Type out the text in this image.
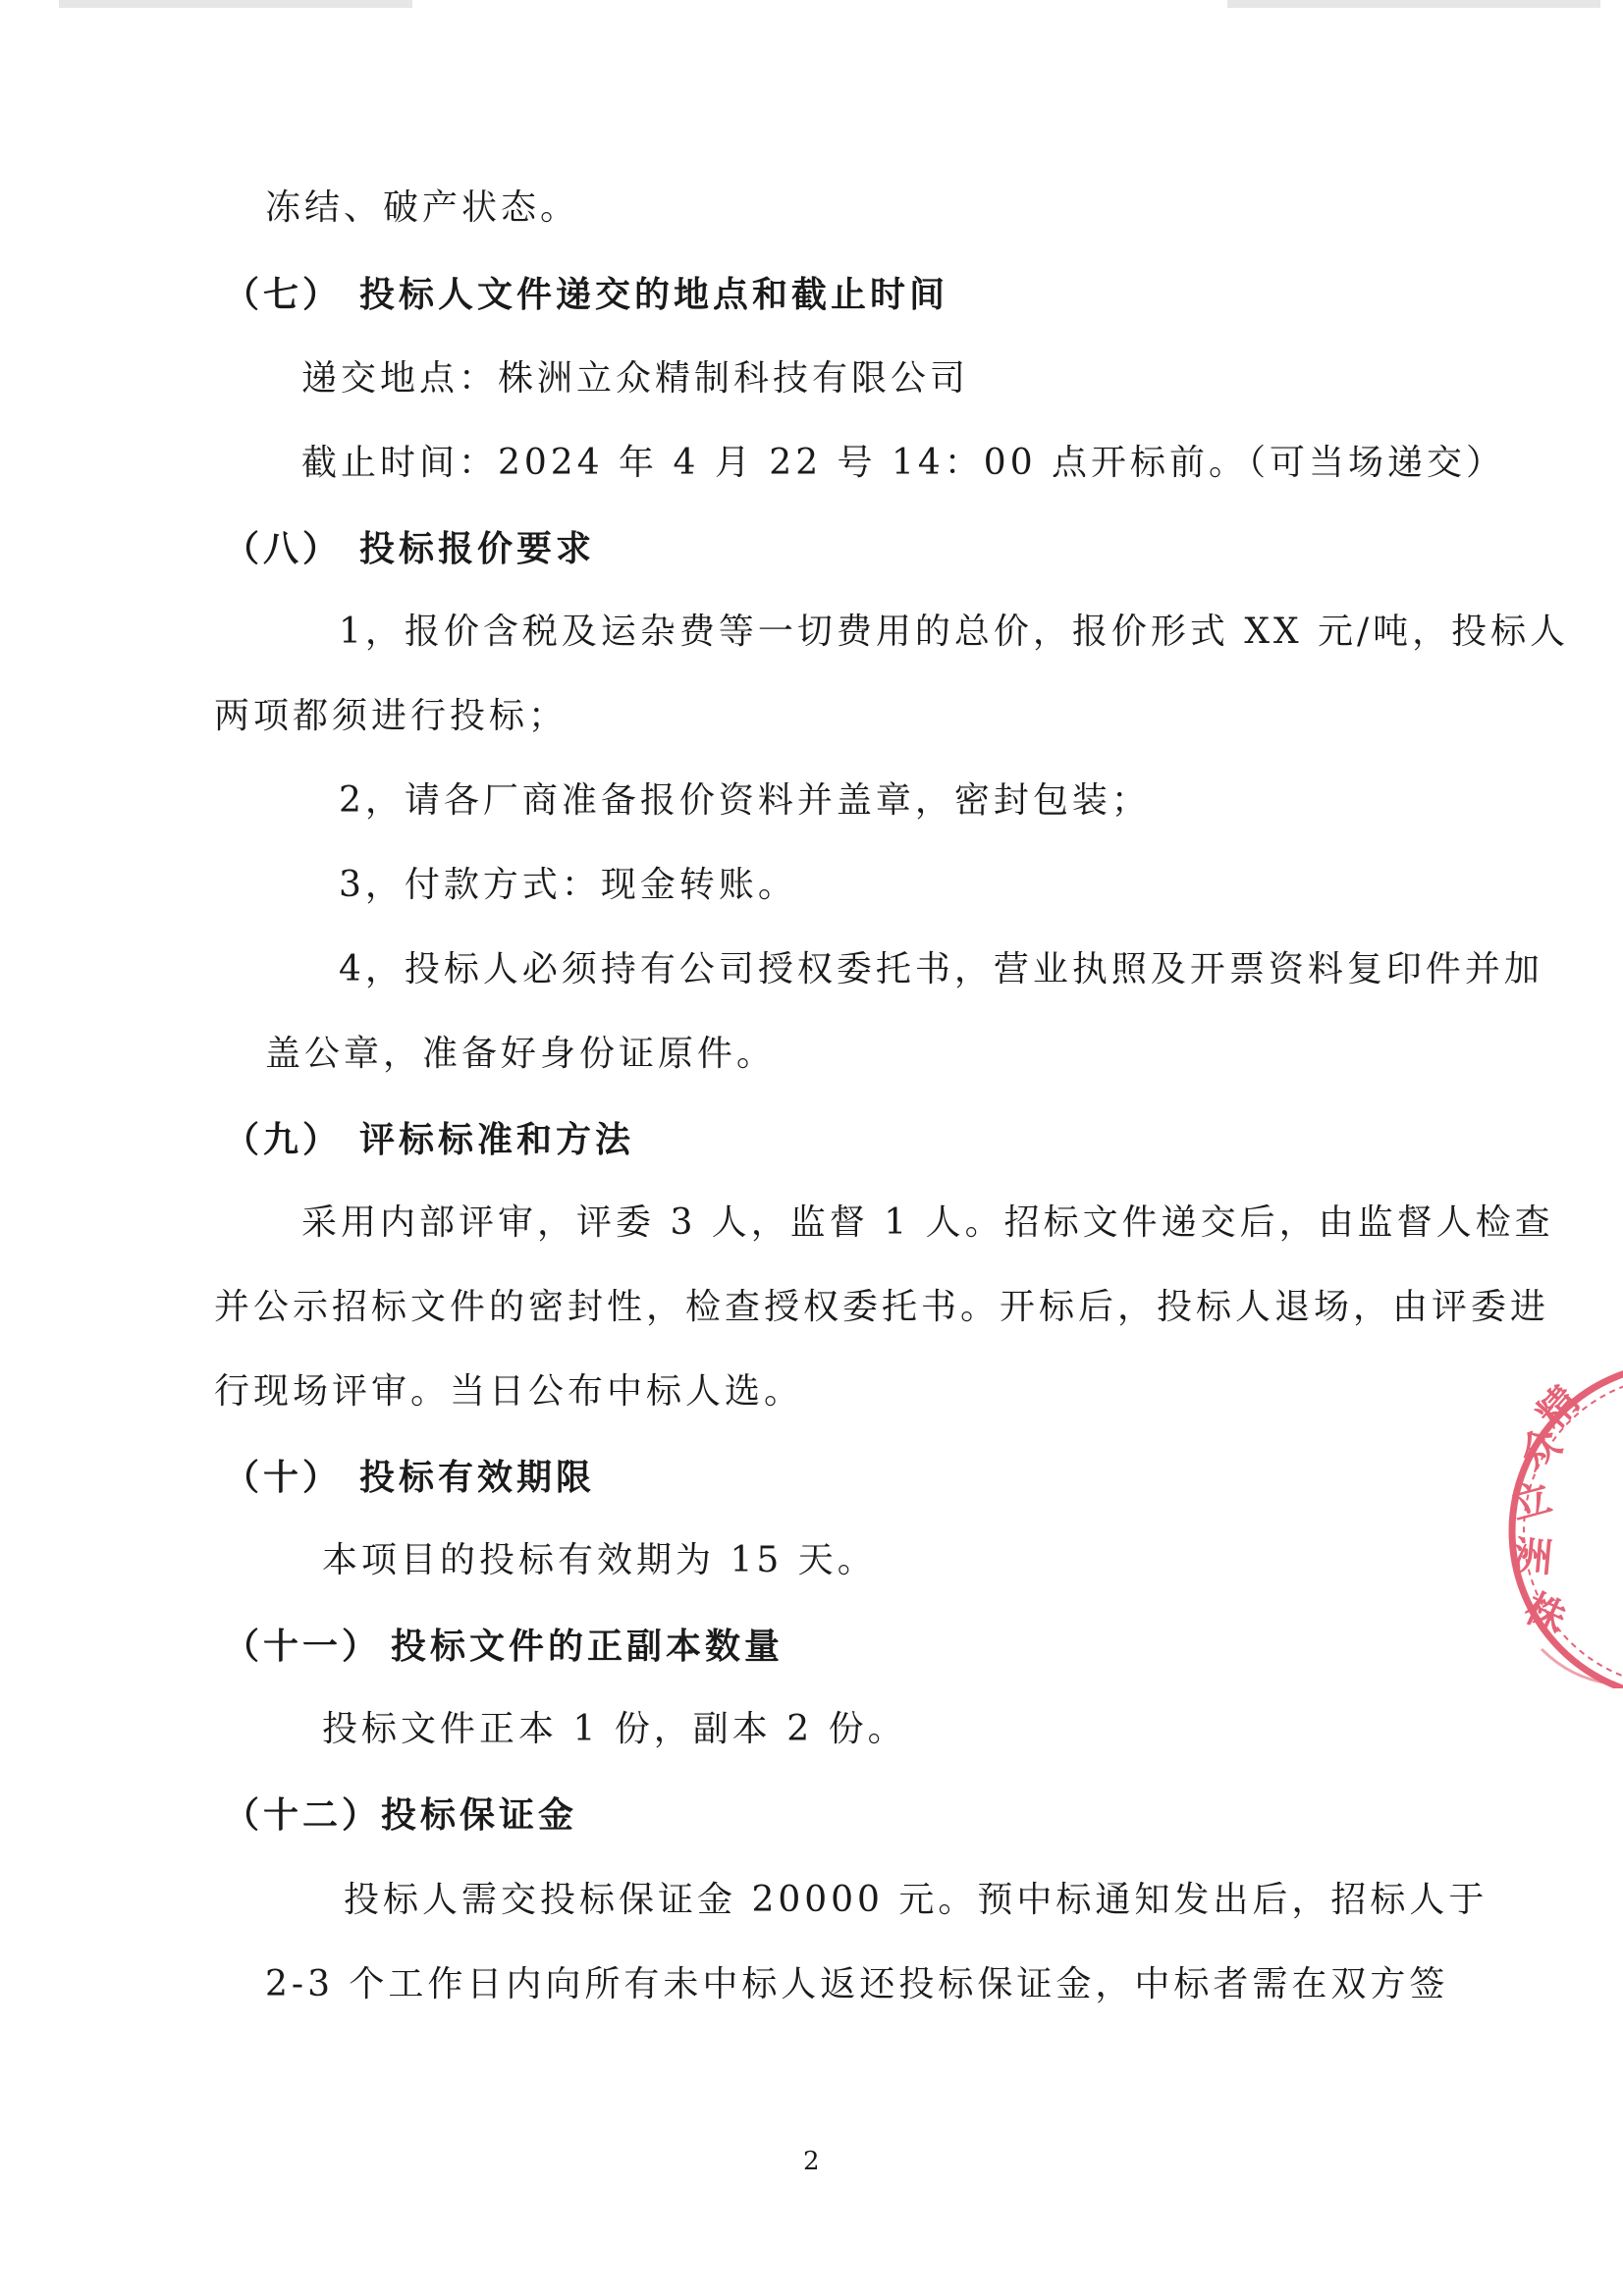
冻结、破产状态。
（七） 投标人文件递交的地点和截止时间
递交地点：株洲立众精制科技有限公司
截止时间：2024 年 4 月 22 号 14：00 点开标前。（可当场递交）
（八） 投标报价要求
1，报价含税及运杂费等一切费用的总价，报价形式 XX 元/吨，投标人
两项都须进行投标；
2，请各厂商准备报价资料并盖章，密封包装；
3，付款方式：现金转账。
4，投标人必须持有公司授权委托书，营业执照及开票资料复印件并加
盖公章，准备好身份证原件。
（九） 评标标准和方法
采用内部评审，评委 3 人，监督 1 人。招标文件递交后，由监督人检查
并公示招标文件的密封性，检查授权委托书。开标后，投标人退场，由评委进
行现场评审。当日公布中标人选。
（十） 投标有效期限
本项目的投标有效期为 15 天。
（十一） 投标文件的正副本数量
投标文件正本 1 份，副本 2 份。
（十二）投标保证金
投标人需交投标保证金 20000 元。预中标通知发出后，招标人于
2-3 个工作日内向所有未中标人返还投标保证金，中标者需在双方签
2
精
众
立
洲
株
